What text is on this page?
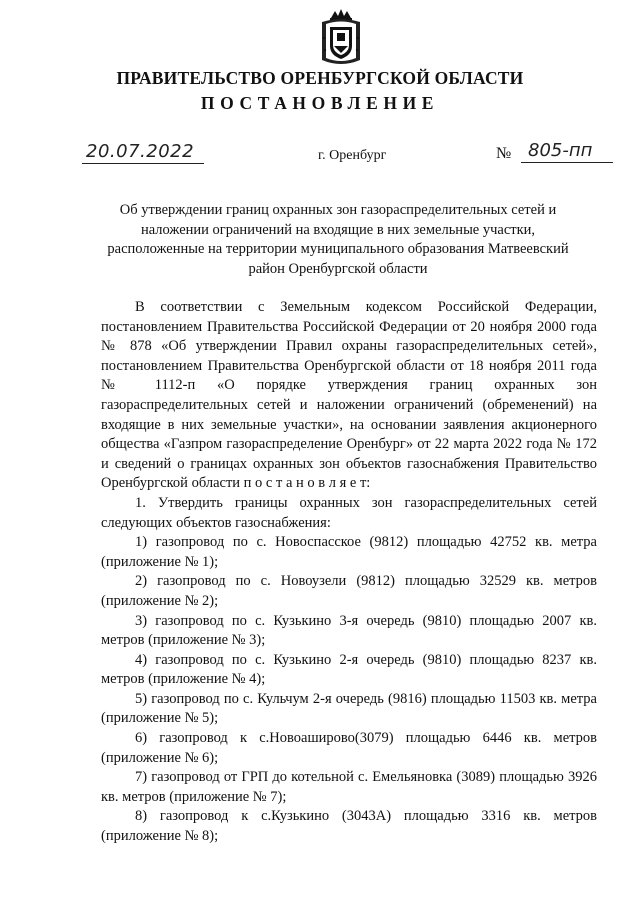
ПРАВИТЕЛЬСТВО ОРЕНБУРГСКОЙ ОБЛАСТИ
ПОСТАНОВЛЕНИЕ
20.07.2022	г. Оренбург	№ 805-пп
Об утверждении границ охранных зон газораспределительных сетей и наложении ограничений на входящие в них земельные участки, расположенные на территории муниципального образования Матвеевский район Оренбургской области

В соответствии с Земельным кодексом Российской Федерации, постановлением Правительства Российской Федерации от 20 ноября 2000 года № 878 «Об утверждении Правил охраны газораспределительных сетей», постановлением Правительства Оренбургской области от 18 ноября 2011 года № 1112-п «О порядке утверждения границ охранных зон газораспределительных сетей и наложении ограничений (обременений) на входящие в них земельные участки», на основании заявления акционерного общества «Газпром газораспределение Оренбург» от 22 марта 2022 года № 172 и сведений о границах охранных зон объектов газоснабжения Правительство Оренбургской области п о с т а н о в л я е т:

1. Утвердить границы охранных зон газораспределительных сетей следующих объектов газоснабжения:

1) газопровод по с. Новоспасское (9812) площадью 42752 кв. метра (приложение № 1);

2) газопровод по с. Новоузели (9812) площадью 32529 кв. метров (приложение № 2);

3) газопровод по с. Кузькино 3-я очередь (9810) площадью 2007 кв. метров (приложение № 3);

4) газопровод по с. Кузькино 2-я очередь (9810) площадью 8237 кв. метров (приложение № 4);

5) газопровод по с. Кульчум 2-я очередь (9816) площадью 11503 кв. метра (приложение № 5);

6) газопровод к с.Новоаширово(3079) площадью 6446 кв. метров (приложение № 6);

7) газопровод от ГРП до котельной с. Емельяновка (3089) площадью 3926 кв. метров (приложение № 7);

8) газопровод к с.Кузькино (3043А) площадью 3316 кв. метров (приложение № 8);
